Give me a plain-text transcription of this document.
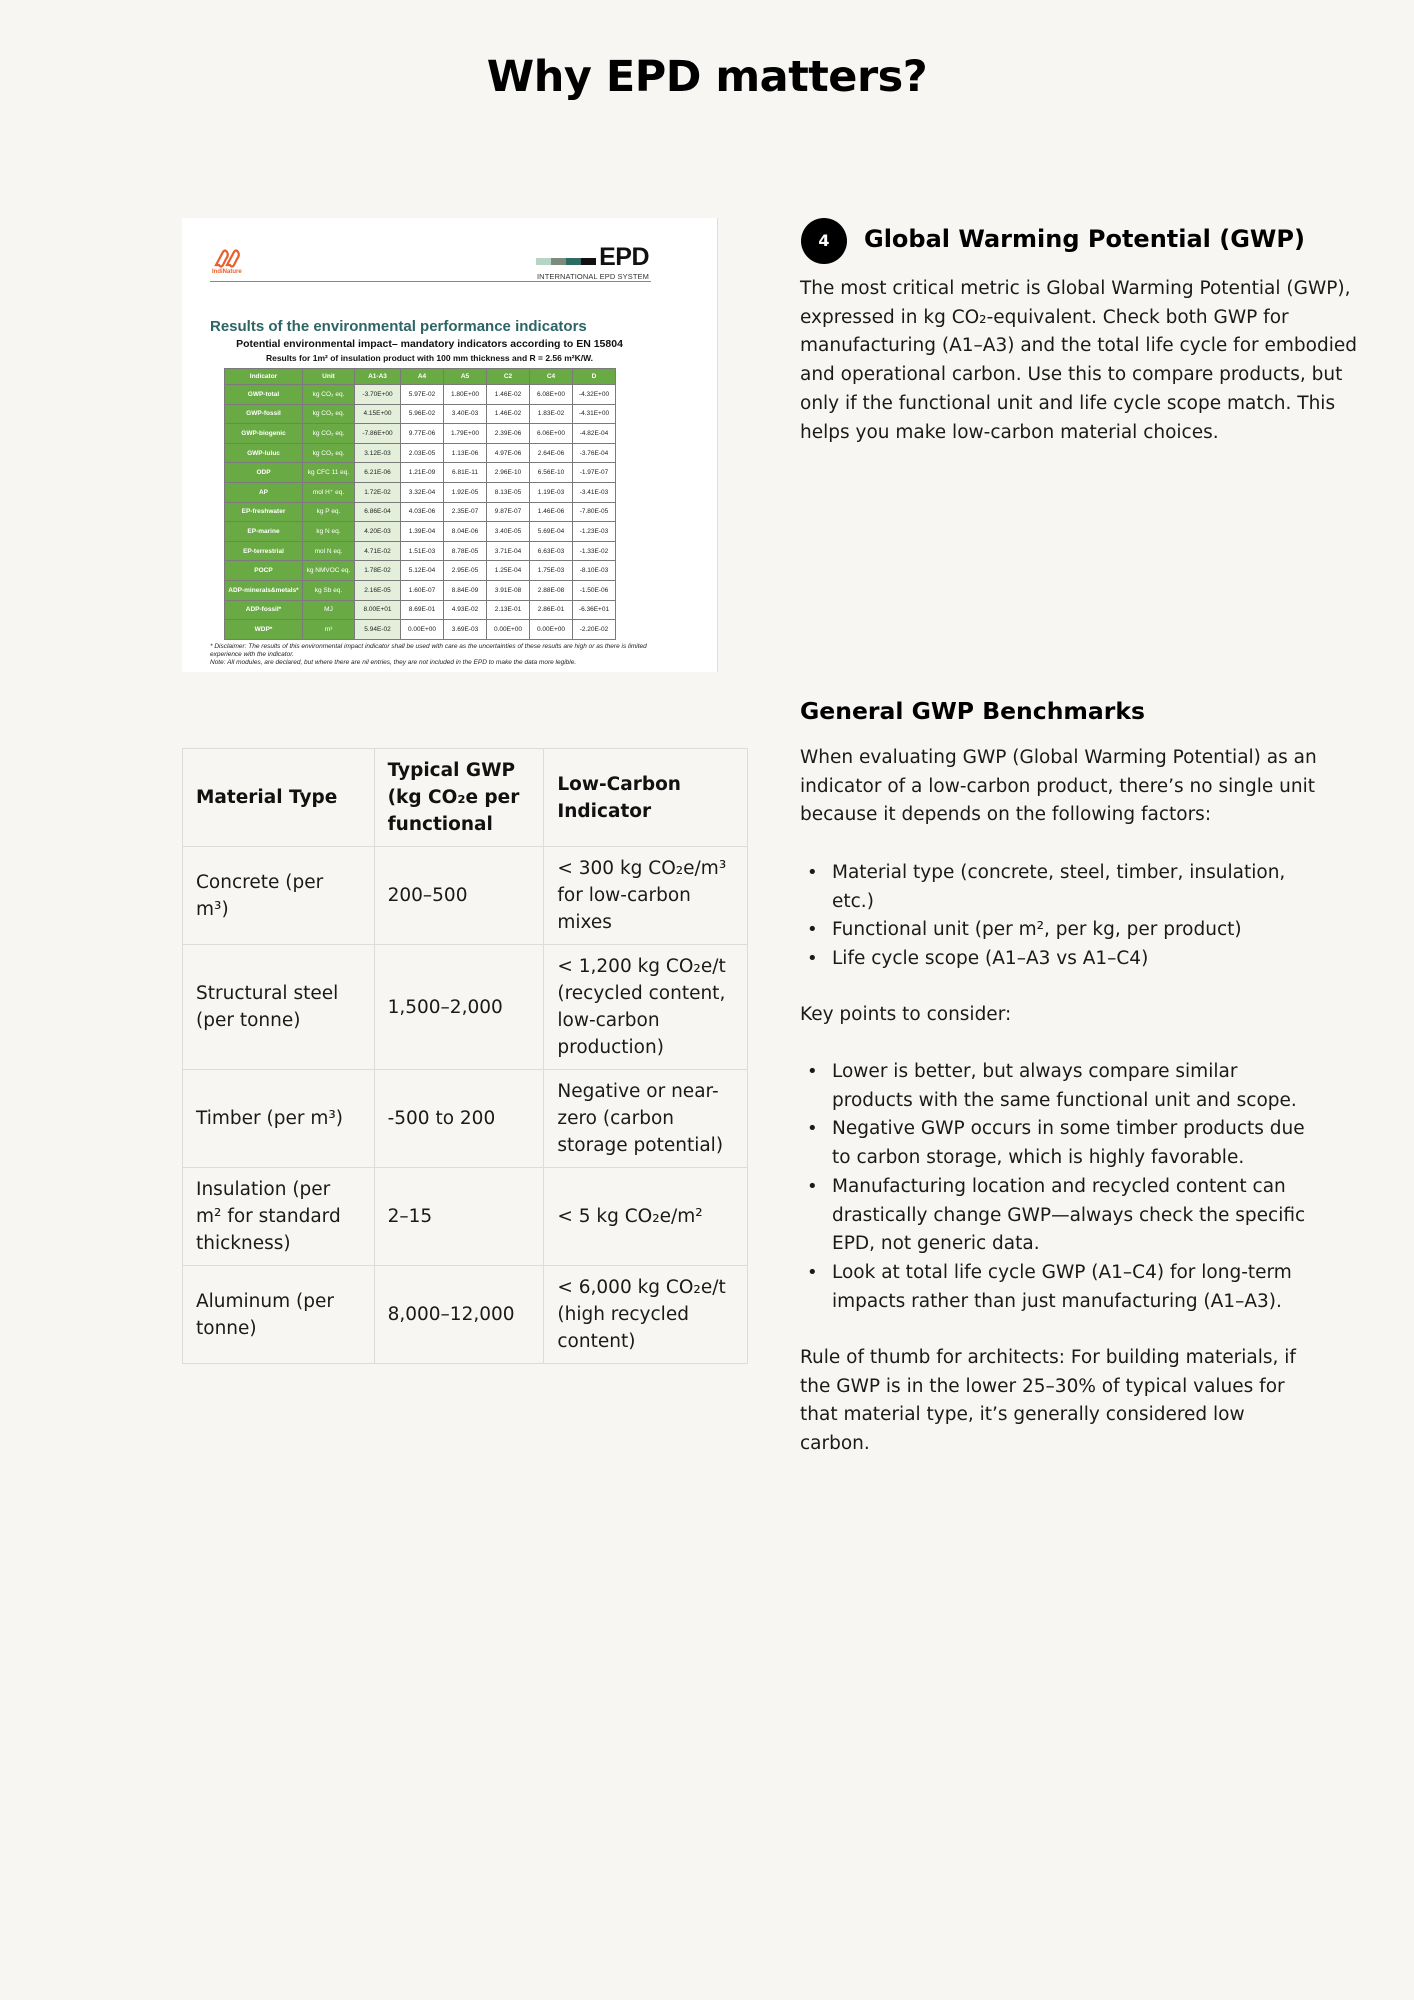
Why EPD matters?
IndiNature
EPD
INTERNATIONAL EPD SYSTEM
Results of the environmental performance indicators
Potential environmental impact– mandatory indicators according to EN 15804
Results for 1m² of insulation product with 100 mm thickness and R = 2.56 m²K/W.
Indicator	Unit	A1-A3	A4	A5	C2	C4	D
GWP-total	kg CO₂ eq.	-3.70E+00	5.97E-02	1.80E+00	1.46E-02	6.08E+00	-4.32E+00
GWP-fossil	kg CO₂ eq.	4.15E+00	5.96E-02	3.40E-03	1.46E-02	1.83E-02	-4.31E+00
GWP-biogenic	kg CO₂ eq.	-7.86E+00	9.77E-06	1.79E+00	2.39E-06	6.06E+00	-4.82E-04
GWP-luluc	kg CO₂ eq.	3.12E-03	2.03E-05	1.13E-06	4.97E-06	2.64E-06	-3.76E-04
ODP	kg CFC 11 eq.	6.21E-06	1.21E-09	6.81E-11	2.96E-10	6.56E-10	-1.97E-07
AP	mol H⁺ eq.	1.72E-02	3.32E-04	1.92E-05	8.13E-05	1.19E-03	-3.41E-03
EP-freshwater	kg P eq.	6.86E-04	4.03E-06	2.35E-07	9.87E-07	1.46E-06	-7.80E-05
EP-marine	kg N eq.	4.20E-03	1.39E-04	8.04E-06	3.40E-05	5.69E-04	-1.23E-03
EP-terrestrial	mol N eq.	4.71E-02	1.51E-03	8.78E-05	3.71E-04	6.63E-03	-1.33E-02
POCP	kg NMVOC eq.	1.78E-02	5.12E-04	2.95E-05	1.25E-04	1.75E-03	-8.10E-03
ADP-minerals&metals*	kg Sb eq.	2.16E-05	1.60E-07	8.84E-09	3.91E-08	2.88E-08	-1.50E-06
ADP-fossil*	MJ	8.00E+01	8.69E-01	4.93E-02	2.13E-01	2.86E-01	-6.36E+01
WDP*	m³	5.94E-02	0.00E+00	3.69E-03	0.00E+00	0.00E+00	-2.20E-02
* Disclaimer: The results of this environmental impact indicator shall be used with care as the uncertainties of these results are high or as there is limited experience with the indicator.
Note: All modules, are declared, but where there are nil entries, they are not included in the EPD to make the data more legible.
4	Global Warming Potential (GWP)

The most critical metric is Global Warming Potential (GWP), expressed in kg CO₂-equivalent. Check both GWP for manufacturing (A1–A3) and the total life cycle for embodied and operational carbon. Use this to compare products, but only if the functional unit and life cycle scope match. This helps you make low-carbon material choices.

General GWP Benchmarks

When evaluating GWP (Global Warming Potential) as an indicator of a low-carbon product, there’s no single unit because it depends on the following factors:

• Material type (concrete, steel, timber, insulation, etc.)
• Functional unit (per m², per kg, per product)
• Life cycle scope (A1–A3 vs A1–C4)

Key points to consider:

• Lower is better, but always compare similar products with the same functional unit and scope.
• Negative GWP occurs in some timber products due to carbon storage, which is highly favorable.
• Manufacturing location and recycled content can drastically change GWP—always check the specific EPD, not generic data.
• Look at total life cycle GWP (A1–C4) for long-term impacts rather than just manufacturing (A1–A3).

Rule of thumb for architects: For building materials, if the GWP is in the lower 25–30% of typical values for that material type, it’s generally considered low carbon.

Material Type	Typical GWP (kg CO₂e per functional	Low-Carbon Indicator
Concrete (per m³)	200–500	< 300 kg CO₂e/m³ for low-carbon mixes
Structural steel (per tonne)	1,500–2,000	< 1,200 kg CO₂e/t (recycled content, low-carbon production)
Timber (per m³)	-500 to 200	Negative or near-zero (carbon storage potential)
Insulation (per m² for standard thickness)	2–15	< 5 kg CO₂e/m²
Aluminum (per tonne)	8,000–12,000	< 6,000 kg CO₂e/t (high recycled content)
